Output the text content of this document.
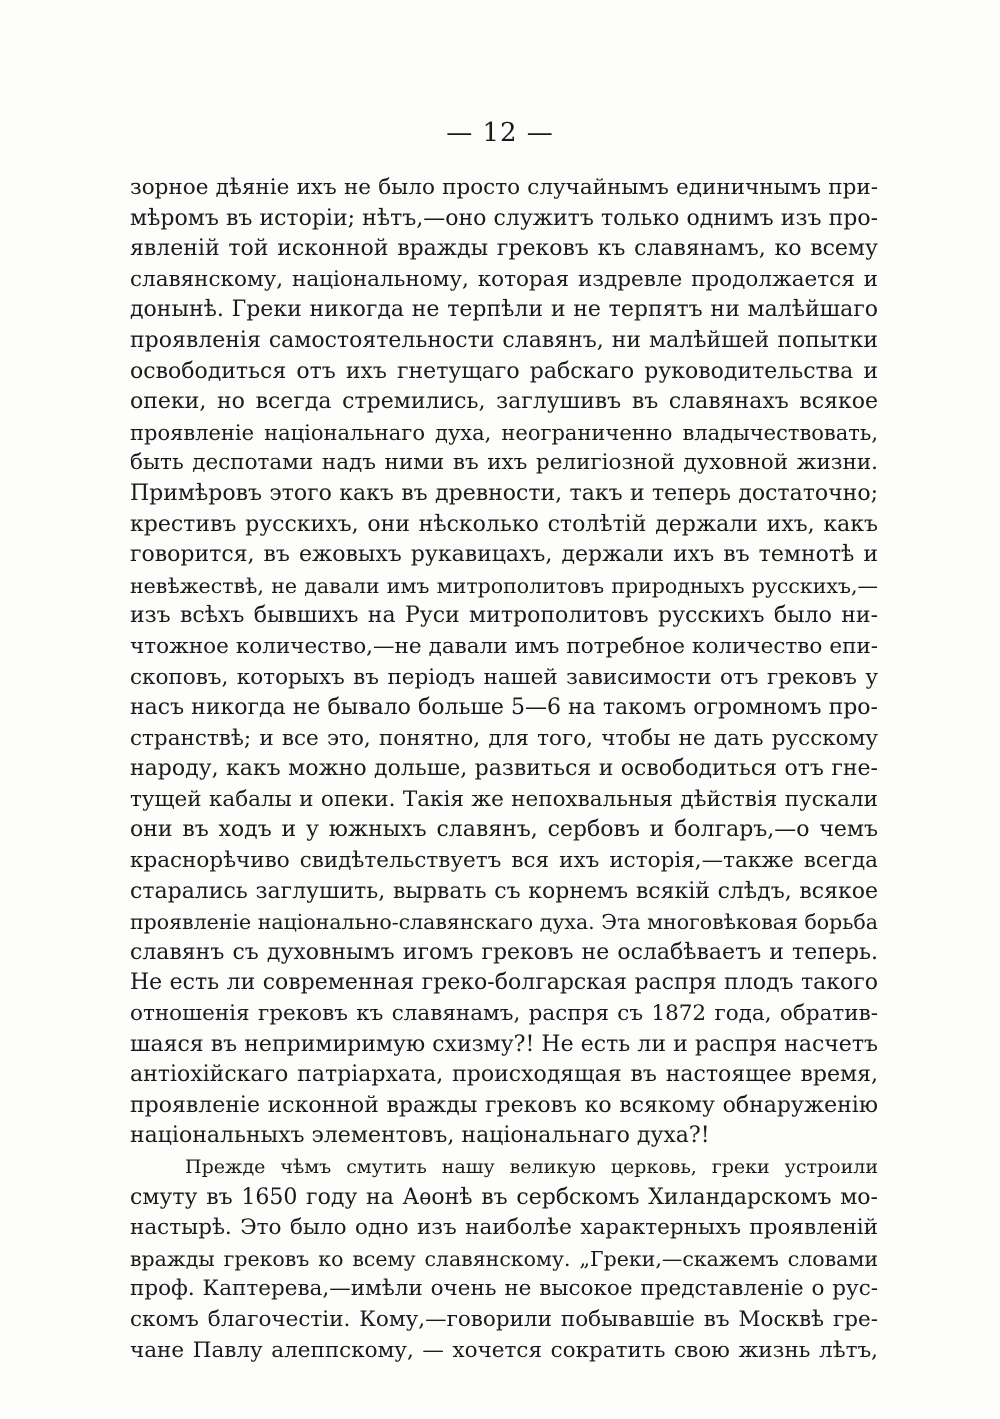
— 12 —
зорное дѣяніе ихъ не было просто случайнымъ единичнымъ при-
мѣромъ въ исторіи; нѣтъ,—оно служитъ только однимъ изъ про-
явленій той исконной вражды грековъ къ славянамъ, ко всему
славянскому, національному, которая издревле продолжается и
донынѣ. Греки никогда не терпѣли и не терпятъ ни малѣйшаго
проявленія самостоятельности славянъ, ни малѣйшей попытки
освободиться отъ ихъ гнетущаго рабскаго руководительства и
опеки, но всегда стремились, заглушивъ въ славянахъ всякое
проявленіе національнаго духа, неограниченно владычествовать,
быть деспотами надъ ними въ ихъ религіозной духовной жизни.
Примѣровъ этого какъ въ древности, такъ и теперь достаточно;
крестивъ русскихъ, они нѣсколько столѣтій держали ихъ, какъ
говорится, въ ежовыхъ рукавицахъ, держали ихъ въ темнотѣ и
невѣжествѣ, не давали имъ митрополитовъ природныхъ русскихъ,—
изъ всѣхъ бывшихъ на Руси митрополитовъ русскихъ было ни-
чтожное количество,—не давали имъ потребное количество епи-
скоповъ, которыхъ въ періодъ нашей зависимости отъ грековъ у
насъ никогда не бывало больше 5—6 на такомъ огромномъ про-
странствѣ; и все это, понятно, для того, чтобы не дать русскому
народу, какъ можно дольше, развиться и освободиться отъ гне-
тущей кабалы и опеки. Такія же непохвальныя дѣйствія пускали
они въ ходъ и у южныхъ славянъ, сербовъ и болгаръ,—о чемъ
краснорѣчиво свидѣтельствуетъ вся ихъ исторія,—также всегда
старались заглушить, вырвать съ корнемъ всякій слѣдъ, всякое
проявленіе національно-славянскаго духа. Эта многовѣковая борьба
славянъ съ духовнымъ игомъ грековъ не ослабѣваетъ и теперь.
Не есть ли современная греко-болгарская распря плодъ такого
отношенія грековъ къ славянамъ, распря съ 1872 года, обратив-
шаяся въ непримиримую схизму?! Не есть ли и распря насчетъ
антіохійскаго патріархата, происходящая въ настоящее время,
проявленіе исконной вражды грековъ ко всякому обнаруженію
національныхъ элементовъ, національнаго духа?!
Прежде чѣмъ смутить нашу великую церковь, греки устроили
смуту въ 1650 году на Аѳонѣ въ сербскомъ Хиландарскомъ мо-
настырѣ. Это было одно изъ наиболѣе характерныхъ проявленій
вражды грековъ ко всему славянскому. „Греки,—скажемъ словами
проф. Каптерева,—имѣли очень не высокое представленіе о рус-
скомъ благочестіи. Кому,—говорили побывавшіе въ Москвѣ гре-
чане Павлу алеппскому, — хочется сократить свою жизнь лѣтъ,
